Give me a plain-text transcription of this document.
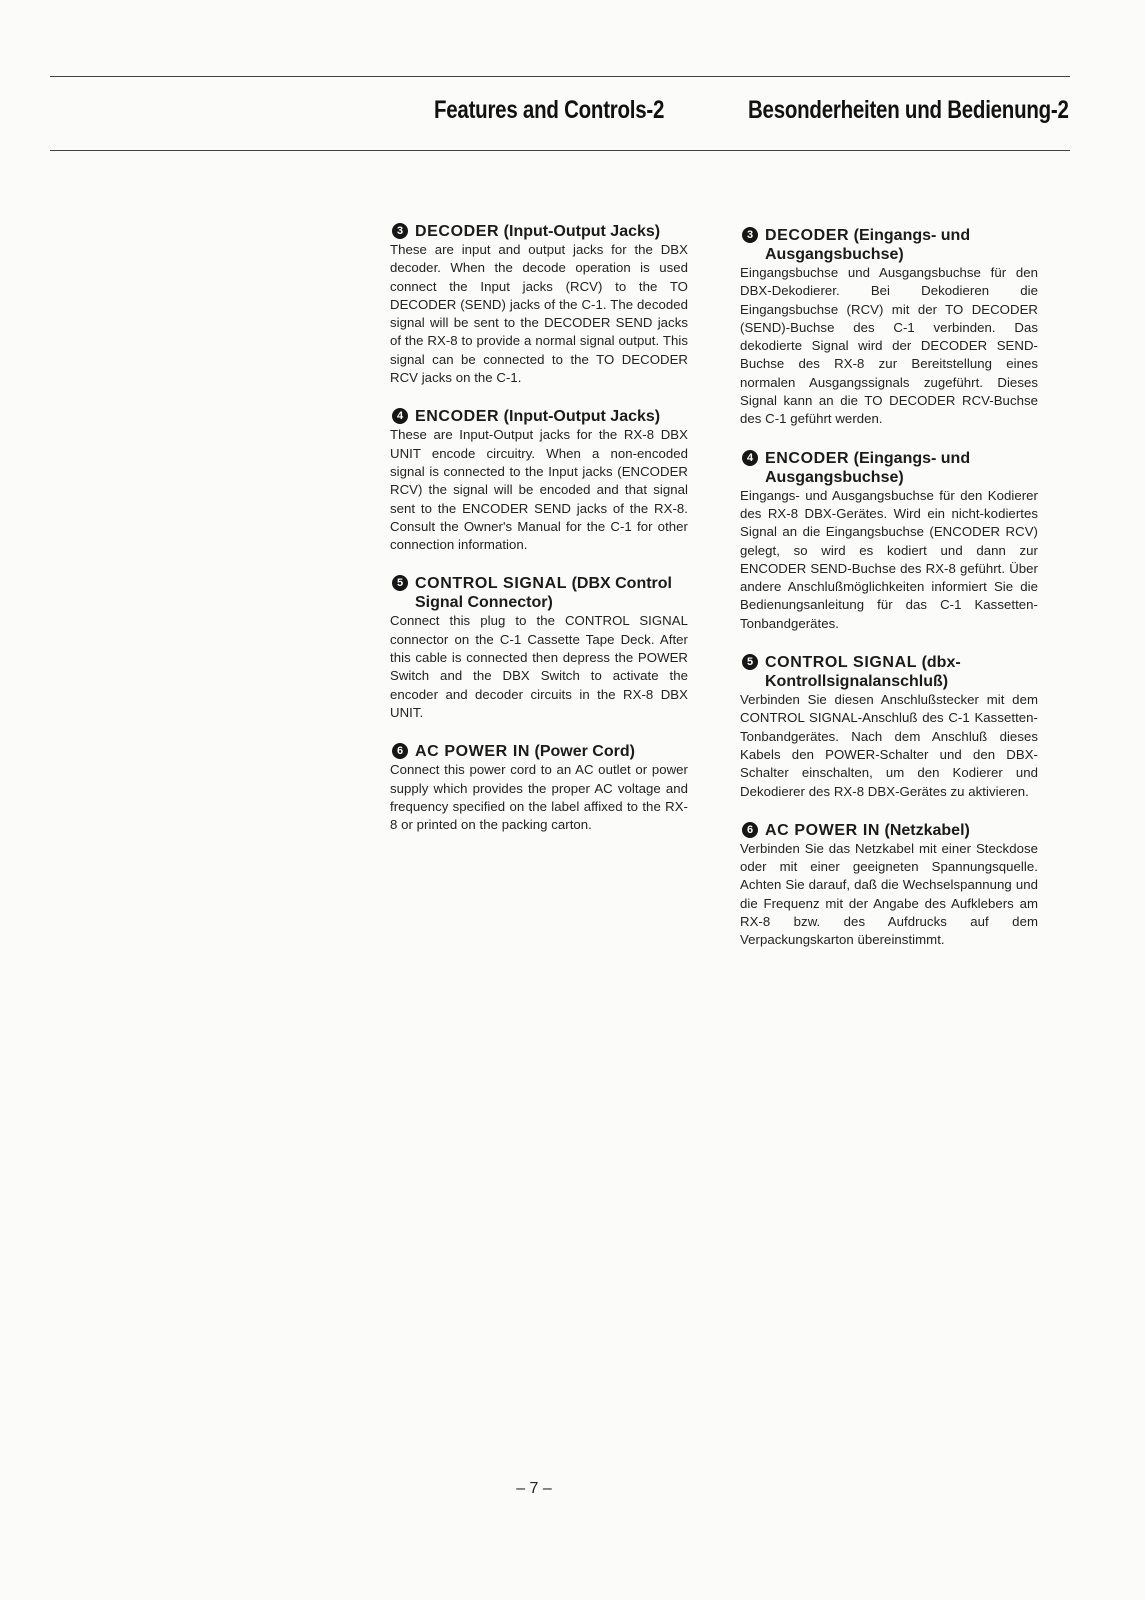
Features and Controls-2	Besonderheiten und Bedienung-2
3 DECODER (Input-Output Jacks)
These are input and output jacks for the DBX decoder. When the decode operation is used connect the Input jacks (RCV) to the TO DECODER (SEND) jacks of the C-1. The decoded signal will be sent to the DECODER SEND jacks of the RX-8 to provide a normal signal output. This signal can be connected to the TO DECODER RCV jacks on the C-1.
4 ENCODER (Input-Output Jacks)
These are Input-Output jacks for the RX-8 DBX UNIT encode circuitry. When a non-encoded signal is connected to the Input jacks (ENCODER RCV) the signal will be encoded and that signal sent to the ENCODER SEND jacks of the RX-8. Consult the Owner's Manual for the C-1 for other connection information.
5 CONTROL SIGNAL (DBX Control Signal Connector)
Connect this plug to the CONTROL SIGNAL connector on the C-1 Cassette Tape Deck. After this cable is connected then depress the POWER Switch and the DBX Switch to activate the encoder and decoder circuits in the RX-8 DBX UNIT.
6 AC POWER IN (Power Cord)
Connect this power cord to an AC outlet or power supply which provides the proper AC voltage and frequency specified on the label affixed to the RX-8 or printed on the packing carton.
3 DECODER (Eingangs- und Ausgangsbuchse)
Eingangsbuchse und Ausgangsbuchse für den DBX-Dekodierer. Bei Dekodieren die Eingangsbuchse (RCV) mit der TO DECODER (SEND)-Buchse des C-1 verbinden. Das dekodierte Signal wird der DECODER SEND-Buchse des RX-8 zur Bereitstellung eines normalen Ausgangssignals zugeführt. Dieses Signal kann an die TO DECODER RCV-Buchse des C-1 geführt werden.
4 ENCODER (Eingangs- und Ausgangsbuchse)
Eingangs- und Ausgangsbuchse für den Kodierer des RX-8 DBX-Gerätes. Wird ein nicht-kodiertes Signal an die Eingangsbuchse (ENCODER RCV) gelegt, so wird es kodiert und dann zur ENCODER SEND-Buchse des RX-8 geführt. Über andere Anschlußmöglichkeiten informiert Sie die Bedienungsanleitung für das C-1 Kassetten-Tonbandgerätes.
5 CONTROL SIGNAL (dbx-Kontrollsignalanschluß)
Verbinden Sie diesen Anschlußstecker mit dem CONTROL SIGNAL-Anschluß des C-1 Kassetten-Tonbandgerätes. Nach dem Anschluß dieses Kabels den POWER-Schalter und den DBX-Schalter einschalten, um den Kodierer und Dekodierer des RX-8 DBX-Gerätes zu aktivieren.
6 AC POWER IN (Netzkabel)
Verbinden Sie das Netzkabel mit einer Steckdose oder mit einer geeigneten Spannungsquelle. Achten Sie darauf, daß die Wechselspannung und die Frequenz mit der Angabe des Aufklebers am RX-8 bzw. des Aufdrucks auf dem Verpackungskarton übereinstimmt.
– 7 –
